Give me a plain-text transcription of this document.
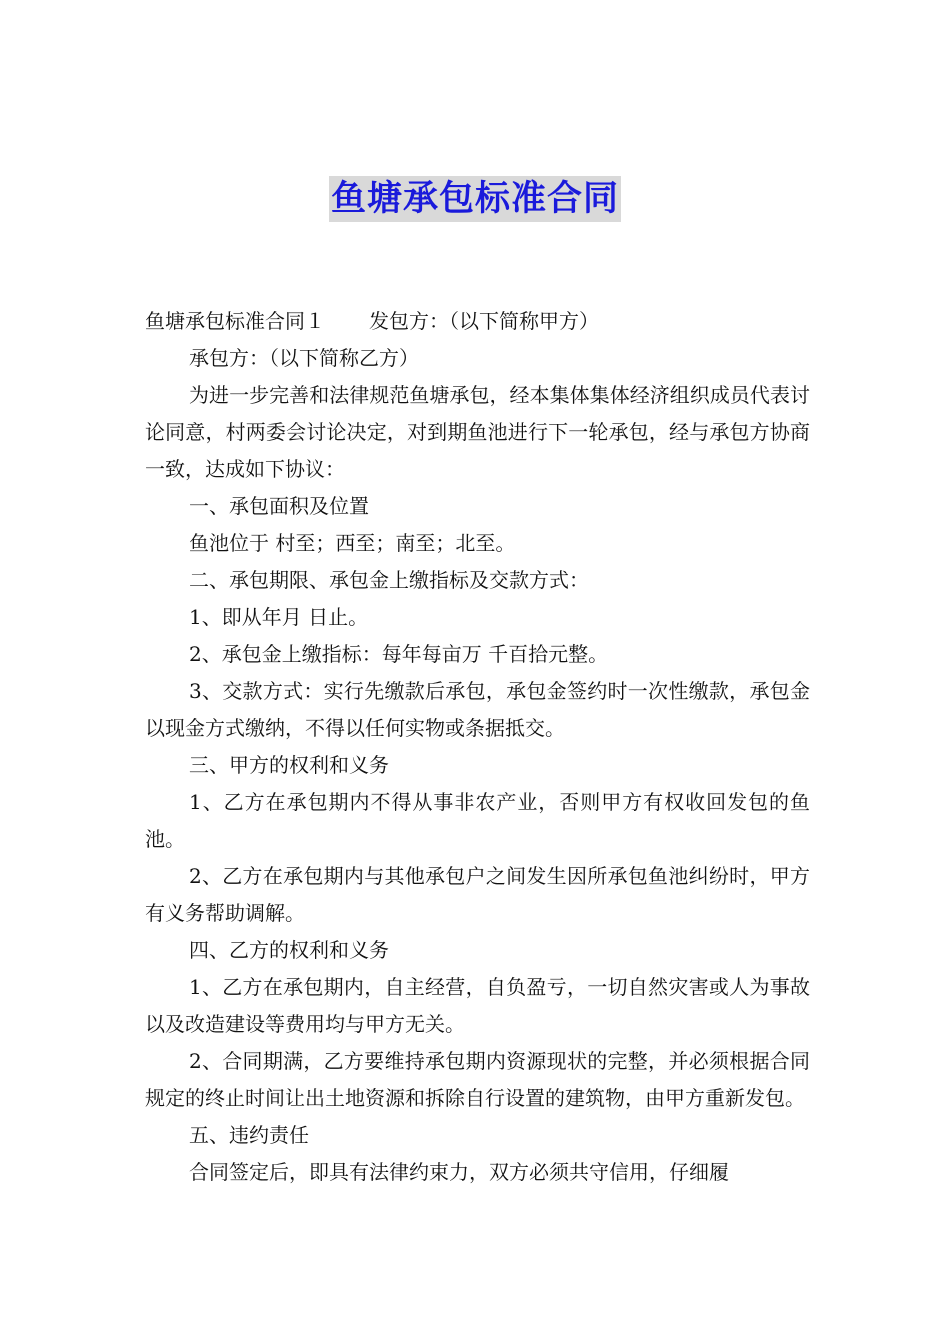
鱼塘承包标准合同

鱼塘承包标准合同１ 发包方：（以下简称甲方）

承包方：（以下简称乙方）

为进一步完善和法律规范鱼塘承包，经本集体集体经济组织成员代表讨论同意，村两委会讨论决定，对到期鱼池进行下一轮承包，经与承包方协商一致，达成如下协议：

一、承包面积及位置

鱼池位于 村至；西至；南至；北至。

二、承包期限、承包金上缴指标及交款方式：

1、即从年月 日止。

2、承包金上缴指标：每年每亩万 千百拾元整。

3、交款方式：实行先缴款后承包，承包金签约时一次性缴款，承包金以现金方式缴纳，不得以任何实物或条据抵交。

三、甲方的权利和义务

1、乙方在承包期内不得从事非农产业，否则甲方有权收回发包的鱼池。

2、乙方在承包期内与其他承包户之间发生因所承包鱼池纠纷时，甲方有义务帮助调解。

四、乙方的权利和义务

1、乙方在承包期内，自主经营，自负盈亏，一切自然灾害或人为事故以及改造建设等费用均与甲方无关。

2、合同期满，乙方要维持承包期内资源现状的完整，并必须根据合同规定的终止时间让出土地资源和拆除自行设置的建筑物，由甲方重新发包。

五、违约责任

合同签定后，即具有法律约束力，双方必须共守信用，仔细履
